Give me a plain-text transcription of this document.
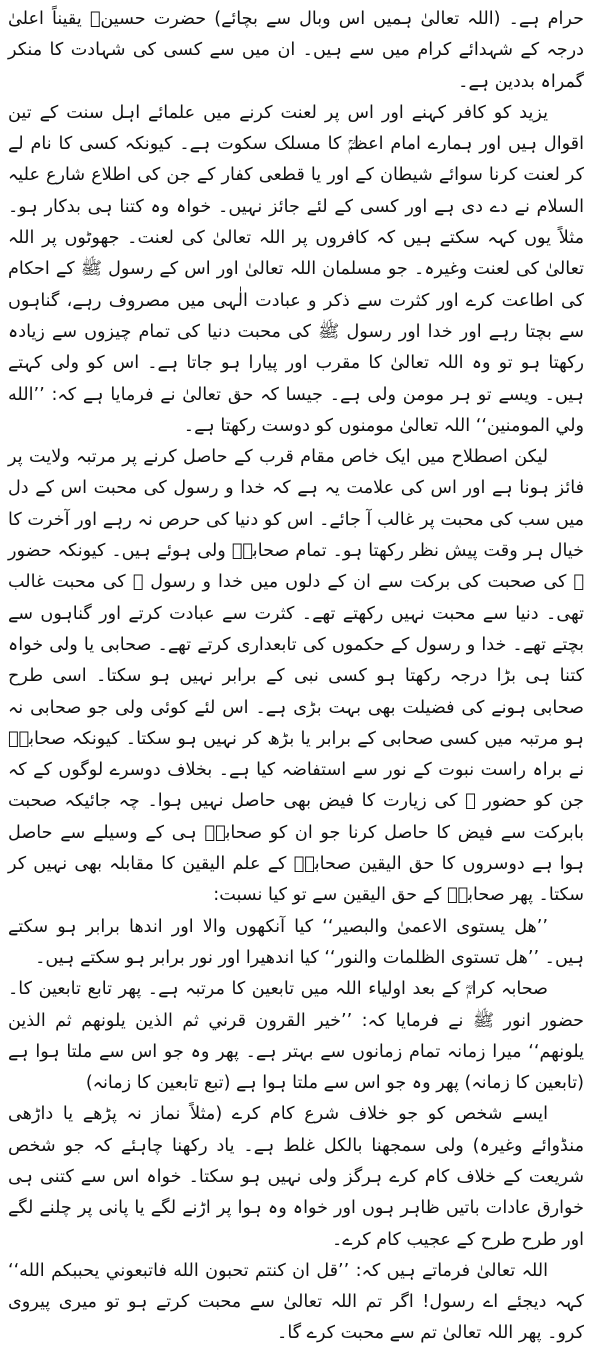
حرام ہے۔ (اللہ تعالیٰ ہمیں اس وبال سے بچائے) حضرت حسینؓ یقیناً اعلیٰ درجہ کے شہدائے کرام میں سے ہیں۔ ان میں سے کسی کی شہادت کا منکر گمراہ بددین ہے۔

یزید کو کافر کہنے اور اس پر لعنت کرنے میں علمائے اہل سنت کے تین اقوال ہیں اور ہمارے امام اعظمؒ کا مسلک سکوت ہے۔ کیونکہ کسی کا نام لے کر لعنت کرنا سوائے شیطان کے اور یا قطعی کفار کے جن کی اطلاع شارع علیہ السلام نے دے دی ہے اور کسی کے لئے جائز نہیں۔ خواہ وہ کتنا ہی بدکار ہو۔ مثلاً یوں کہہ سکتے ہیں کہ کافروں پر اللہ تعالیٰ کی لعنت۔ جھوٹوں پر اللہ تعالیٰ کی لعنت وغیرہ۔ جو مسلمان اللہ تعالیٰ اور اس کے رسول ﷺ کے احکام کی اطاعت کرے اور کثرت سے ذکر و عبادت الٰہی میں مصروف رہے، گناہوں سے بچتا رہے اور خدا اور رسول ﷺ کی محبت دنیا کی تمام چیزوں سے زیادہ رکھتا ہو تو وہ اللہ تعالیٰ کا مقرب اور پیارا ہو جاتا ہے۔ اس کو ولی کہتے ہیں۔ ویسے تو ہر مومن ولی ہے۔ جیسا کہ حق تعالیٰ نے فرمایا ہے کہ: ’’الله ولي المومنين‘‘ اللہ تعالیٰ مومنوں کو دوست رکھتا ہے۔

لیکن اصطلاح میں ایک خاص مقام قرب کے حاصل کرنے پر مرتبہ ولایت پر فائز ہونا ہے اور اس کی علامت یہ ہے کہ خدا و رسول کی محبت اس کے دل میں سب کی محبت پر غالب آ جائے۔ اس کو دنیا کی حرص نہ رہے اور آخرت کا خیال ہر وقت پیش نظر رکھتا ہو۔ تمام صحابہؓ ولی ہوئے ہیں۔ کیونکہ حضور ﷺ کی صحبت کی برکت سے ان کے دلوں میں خدا و رسول ﷺ کی محبت غالب تھی۔ دنیا سے محبت نہیں رکھتے تھے۔ کثرت سے عبادت کرتے اور گناہوں سے بچتے تھے۔ خدا و رسول کے حکموں کی تابعداری کرتے تھے۔ صحابی یا ولی خواہ کتنا ہی بڑا درجہ رکھتا ہو کسی نبی کے برابر نہیں ہو سکتا۔ اسی طرح صحابی ہونے کی فضیلت بھی بہت بڑی ہے۔ اس لئے کوئی ولی جو صحابی نہ ہو مرتبہ میں کسی صحابی کے برابر یا بڑھ کر نہیں ہو سکتا۔ کیونکہ صحابہؓ نے براہ راست نبوت کے نور سے استفاضہ کیا ہے۔ بخلاف دوسرے لوگوں کے کہ جن کو حضور ﷺ کی زیارت کا فیض بھی حاصل نہیں ہوا۔ چہ جائیکہ صحبت بابرکت سے فیض کا حاصل کرنا جو ان کو صحابہؓ ہی کے وسیلے سے حاصل ہوا ہے دوسروں کا حق الیقین صحابہؓ کے علم الیقین کا مقابلہ بھی نہیں کر سکتا۔ پھر صحابہؓ کے حق الیقین سے تو کیا نسبت:

’’هل يستوى الاعمىٰ والبصير‘‘ کیا آنکھوں والا اور اندھا برابر ہو سکتے ہیں۔ ’’هل تستوى الظلمات والنور‘‘ کیا اندھیرا اور نور برابر ہو سکتے ہیں۔

صحابہ کرامؓ کے بعد اولیاء اللہ میں تابعین کا مرتبہ ہے۔ پھر تابع تابعین کا۔ حضور انور ﷺ نے فرمایا کہ: ’’خير القرون قرني ثم الذين يلونهم ثم الذين يلونهم‘‘ میرا زمانہ تمام زمانوں سے بہتر ہے۔ پھر وہ جو اس سے ملتا ہوا ہے (تابعین کا زمانہ) پھر وہ جو اس سے ملتا ہوا ہے (تبع تابعین کا زمانہ)

ایسے شخص کو جو خلاف شرع کام کرے (مثلاً نماز نہ پڑھے یا داڑھی منڈوائے وغیرہ) ولی سمجھنا بالکل غلط ہے۔ یاد رکھنا چاہئے کہ جو شخص شریعت کے خلاف کام کرے ہرگز ولی نہیں ہو سکتا۔ خواہ اس سے کتنی ہی خوارق عادات باتیں ظاہر ہوں اور خواہ وہ ہوا پر اڑنے لگے یا پانی پر چلنے لگے اور طرح طرح کے عجیب کام کرے۔

اللہ تعالیٰ فرماتے ہیں کہ: ’’قل ان كنتم تحبون الله فاتبعوني يحببكم الله‘‘ کہہ دیجئے اے رسول! اگر تم اللہ تعالیٰ سے محبت کرتے ہو تو میری پیروی کرو۔ پھر اللہ تعالیٰ تم سے محبت کرے گا۔
